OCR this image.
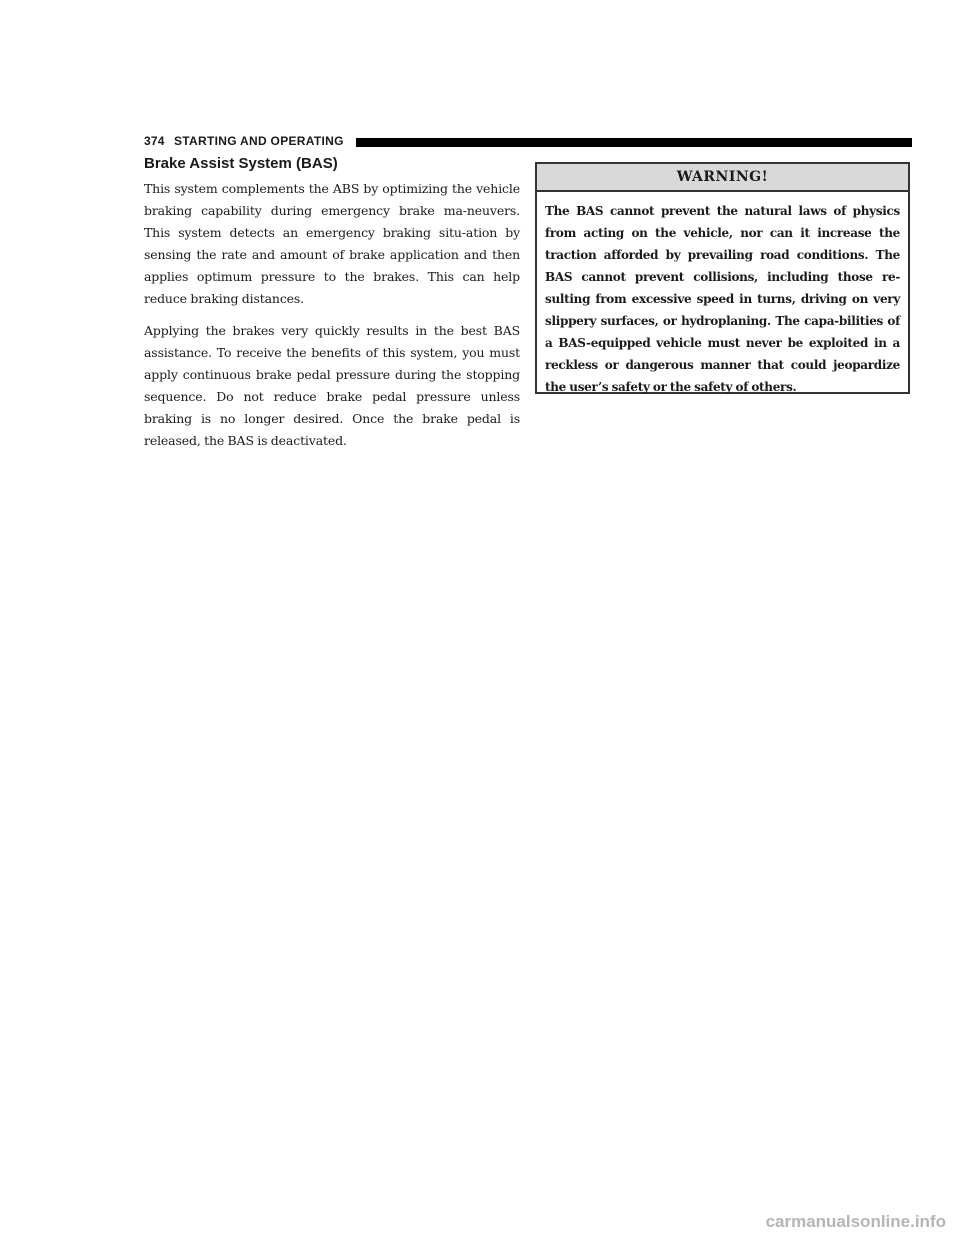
374 STARTING AND OPERATING
Brake Assist System (BAS)

This system complements the ABS by optimizing the vehicle braking capability during emergency brake ma-neuvers. This system detects an emergency braking situ-ation by sensing the rate and amount of brake application and then applies optimum pressure to the brakes. This can help reduce braking distances.

Applying the brakes very quickly results in the best BAS assistance. To receive the benefits of this system, you must apply continuous brake pedal pressure during the stopping sequence. Do not reduce brake pedal pressure unless braking is no longer desired. Once the brake pedal is released, the BAS is deactivated.

WARNING!

The BAS cannot prevent the natural laws of physics from acting on the vehicle, nor can it increase the traction afforded by prevailing road conditions. The BAS cannot prevent collisions, including those re-sulting from excessive speed in turns, driving on very slippery surfaces, or hydroplaning. The capa-bilities of a BAS-equipped vehicle must never be exploited in a reckless or dangerous manner that could jeopardize the user’s safety or the safety of others.

carmanualsonline.info
